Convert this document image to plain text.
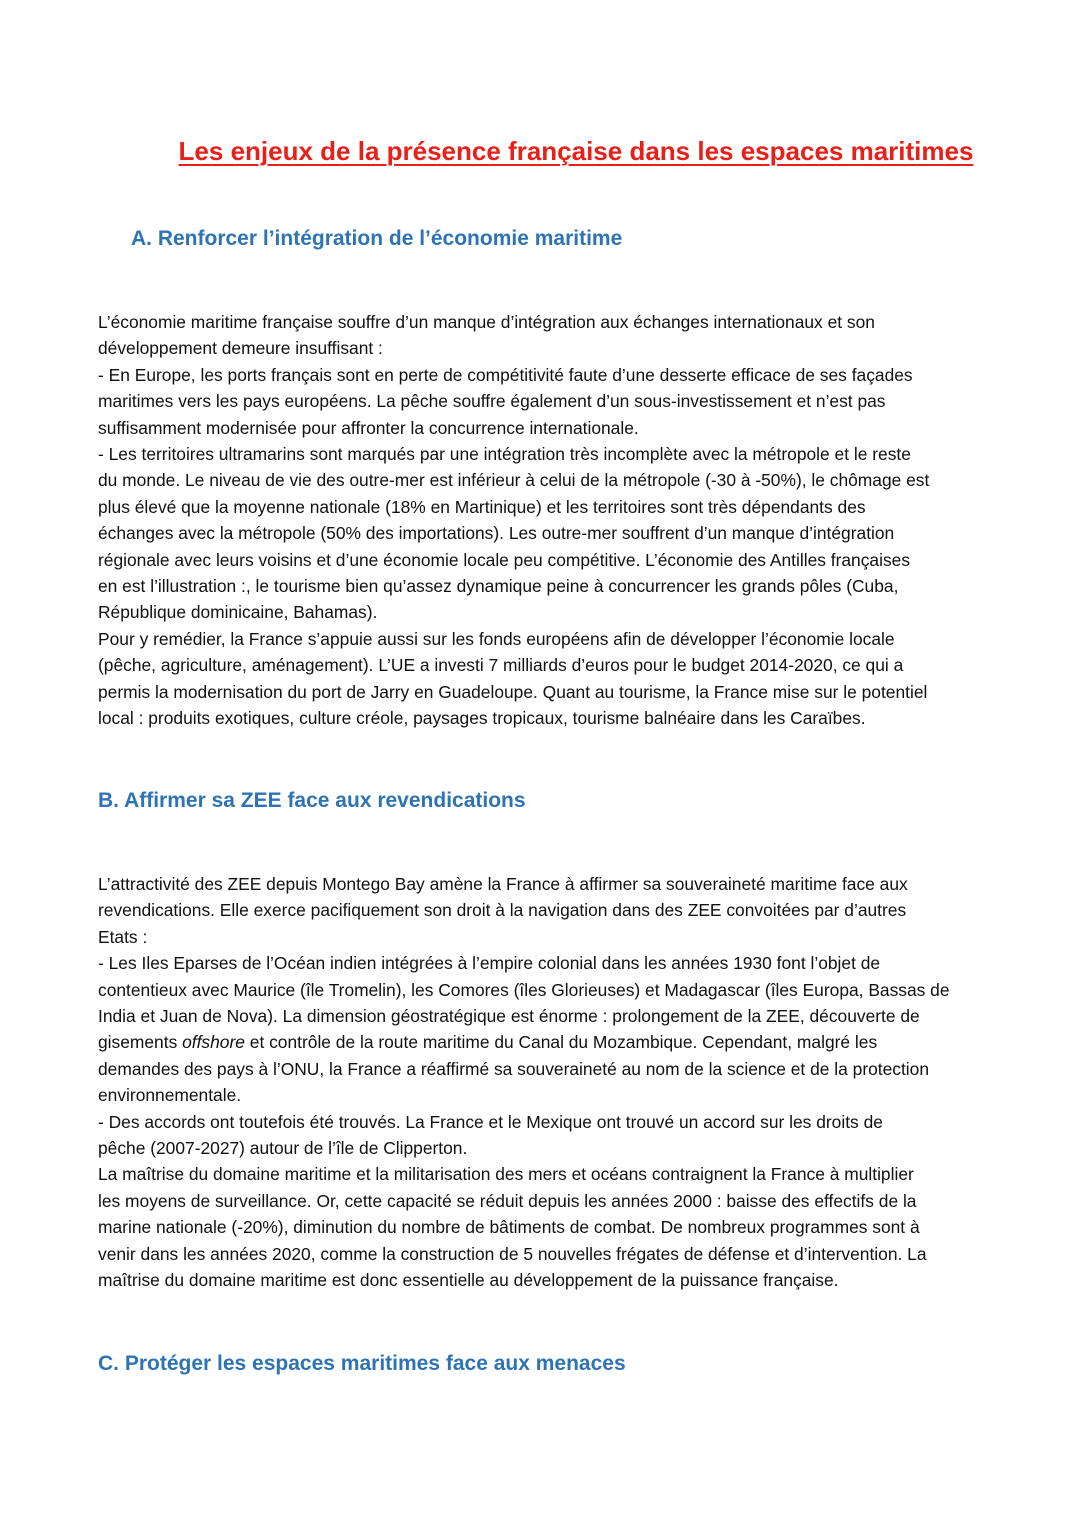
Les enjeux de la présence française dans les espaces maritimes
A. Renforcer l’intégration de l’économie maritime
L’économie maritime française souffre d’un manque d’intégration aux échanges internationaux et son
développement demeure insuffisant :
- En Europe, les ports français sont en perte de compétitivité faute d’une desserte efficace de ses façades
maritimes vers les pays européens. La pêche souffre également d’un sous-investissement et n’est pas
suffisamment modernisée pour affronter la concurrence internationale.
- Les territoires ultramarins sont marqués par une intégration très incomplète avec la métropole et le reste
du monde. Le niveau de vie des outre-mer est inférieur à celui de la métropole (-30 à -50%), le chômage est
plus élevé que la moyenne nationale (18% en Martinique) et les territoires sont très dépendants des
échanges avec la métropole (50% des importations). Les outre-mer souffrent d’un manque d’intégration
régionale avec leurs voisins et d’une économie locale peu compétitive. L’économie des Antilles françaises
en est l’illustration :, le tourisme bien qu’assez dynamique peine à concurrencer les grands pôles (Cuba,
République dominicaine, Bahamas).
Pour y remédier, la France s’appuie aussi sur les fonds européens afin de développer l’économie locale
(pêche, agriculture, aménagement). L’UE a investi 7 milliards d’euros pour le budget 2014-2020, ce qui a
permis la modernisation du port de Jarry en Guadeloupe. Quant au tourisme, la France mise sur le potentiel
local : produits exotiques, culture créole, paysages tropicaux, tourisme balnéaire dans les Caraïbes.
B. Affirmer sa ZEE face aux revendications
L’attractivité des ZEE depuis Montego Bay amène la France à affirmer sa souveraineté maritime face aux
revendications. Elle exerce pacifiquement son droit à la navigation dans des ZEE convoitées par d’autres
Etats :
- Les Iles Eparses de l’Océan indien intégrées à l’empire colonial dans les années 1930 font l’objet de
contentieux avec Maurice (île Tromelin), les Comores (îles Glorieuses) et Madagascar (îles Europa, Bassas de
India et Juan de Nova). La dimension géostratégique est énorme : prolongement de la ZEE, découverte de
gisements offshore et contrôle de la route maritime du Canal du Mozambique. Cependant, malgré les
demandes des pays à l’ONU, la France a réaffirmé sa souveraineté au nom de la science et de la protection
environnementale.
- Des accords ont toutefois été trouvés. La France et le Mexique ont trouvé un accord sur les droits de
pêche (2007-2027) autour de l’île de Clipperton.
La maîtrise du domaine maritime et la militarisation des mers et océans contraignent la France à multiplier
les moyens de surveillance. Or, cette capacité se réduit depuis les années 2000 : baisse des effectifs de la
marine nationale (-20%), diminution du nombre de bâtiments de combat. De nombreux programmes sont à
venir dans les années 2020, comme la construction de 5 nouvelles frégates de défense et d’intervention. La
maîtrise du domaine maritime est donc essentielle au développement de la puissance française.
C. Protéger les espaces maritimes face aux menaces
